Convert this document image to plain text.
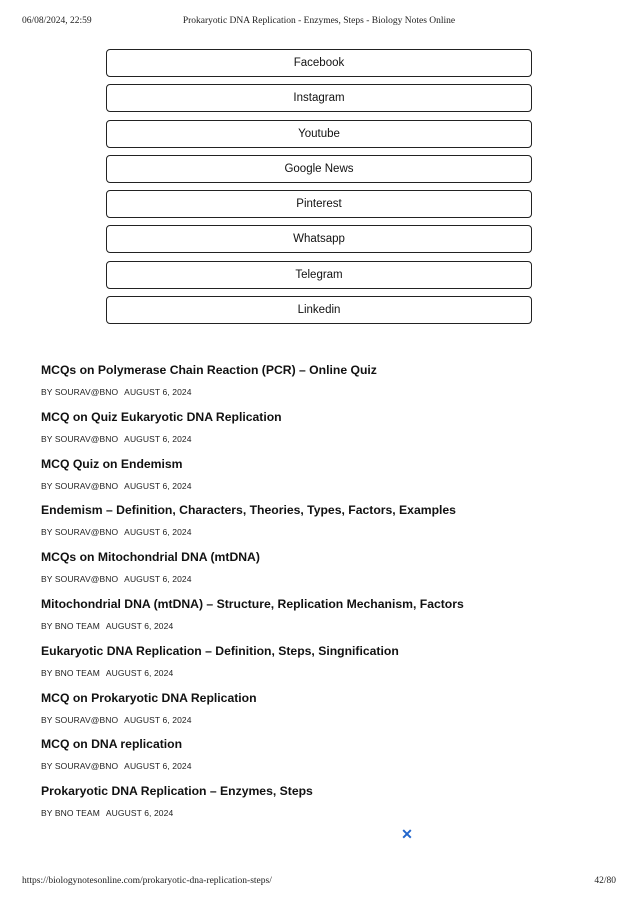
06/08/2024, 22:59	Prokaryotic DNA Replication - Enzymes, Steps - Biology Notes Online
Facebook
Instagram
Youtube
Google News
Pinterest
Whatsapp
Telegram
Linkedin
MCQs on Polymerase Chain Reaction (PCR) – Online Quiz
BY SOURAV@BNO AUGUST 6, 2024
MCQ on Quiz Eukaryotic DNA Replication
BY SOURAV@BNO AUGUST 6, 2024
MCQ Quiz on Endemism
BY SOURAV@BNO AUGUST 6, 2024
Endemism – Definition, Characters, Theories, Types, Factors, Examples
BY SOURAV@BNO AUGUST 6, 2024
MCQs on Mitochondrial DNA (mtDNA)
BY SOURAV@BNO AUGUST 6, 2024
Mitochondrial DNA (mtDNA) – Structure, Replication Mechanism, Factors
BY BNO TEAM AUGUST 6, 2024
Eukaryotic DNA Replication – Definition, Steps, Singnification
BY BNO TEAM AUGUST 6, 2024
MCQ on Prokaryotic DNA Replication
BY SOURAV@BNO AUGUST 6, 2024
MCQ on DNA replication
BY SOURAV@BNO AUGUST 6, 2024
Prokaryotic DNA Replication – Enzymes, Steps
BY BNO TEAM AUGUST 6, 2024
✕
https://biologynotesonline.com/prokaryotic-dna-replication-steps/	42/80
